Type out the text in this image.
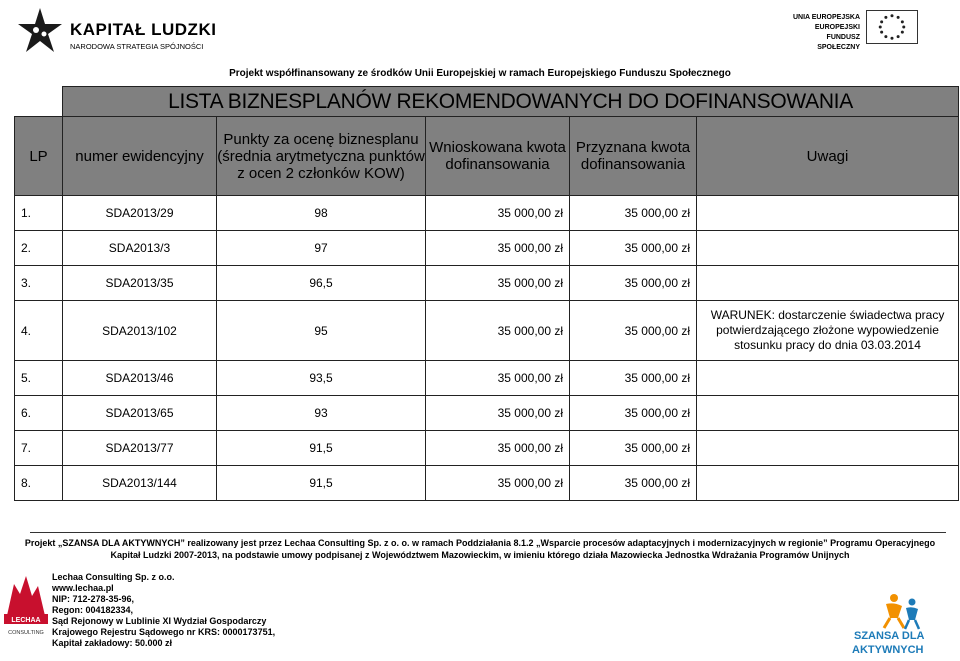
KAPITAŁ LUDZKI
NARODOWA STRATEGIA SPÓJNOŚCI
UNIA EUROPEJSKA
EUROPEJSKI
FUNDUSZ SPOŁECZNY
Projekt współfinansowany ze środków Unii Europejskiej w ramach Europejskiego Funduszu Społecznego
	LISTA BIZNESPLANÓW REKOMENDOWANYCH DO DOFINANSOWANIA				
LP	numer ewidencyjny	Punkty za ocenę biznesplanu (średnia arytmetyczna punktów z ocen 2 członków KOW)	Wnioskowana kwota dofinansowania	Przyznana kwota dofinansowania	Uwagi
1.	SDA2013/29	98	35 000,00 zł	35 000,00 zł	
2.	SDA2013/3	97	35 000,00 zł	35 000,00 zł	
3.	SDA2013/35	96,5	35 000,00 zł	35 000,00 zł	
4.	SDA2013/102	95	35 000,00 zł	35 000,00 zł	WARUNEK: dostarczenie świadectwa pracy potwierdzającego złożone wypowiedzenie stosunku pracy do dnia 03.03.2014
5.	SDA2013/46	93,5	35 000,00 zł	35 000,00 zł	
6.	SDA2013/65	93	35 000,00 zł	35 000,00 zł	
7.	SDA2013/77	91,5	35 000,00 zł	35 000,00 zł	
8.	SDA2013/144	91,5	35 000,00 zł	35 000,00 zł	
Projekt „SZANSA DLA AKTYWNYCH” realizowany jest przez Lechaa Consulting Sp. z o. o. w ramach Poddziałania 8.1.2 „Wsparcie procesów adaptacyjnych i modernizacyjnych w regionie” Programu Operacyjnego
Kapitał Ludzki 2007-2013, na podstawie umowy podpisanej z Województwem Mazowieckim, w imieniu którego działa Mazowiecka Jednostka Wdrażania Programów Unijnych
LECHAA
CONSULTING
Lechaa Consulting Sp. z o.o.
www.lechaa.pl
NIP: 712-278-35-96,
Regon: 004182334,
Sąd Rejonowy w Lublinie XI Wydział Gospodarczy
Krajowego Rejestru Sądowego nr KRS: 0000173751,
Kapitał zakładowy: 50.000 zł
SZANSA DLA
AKTYWNYCH
